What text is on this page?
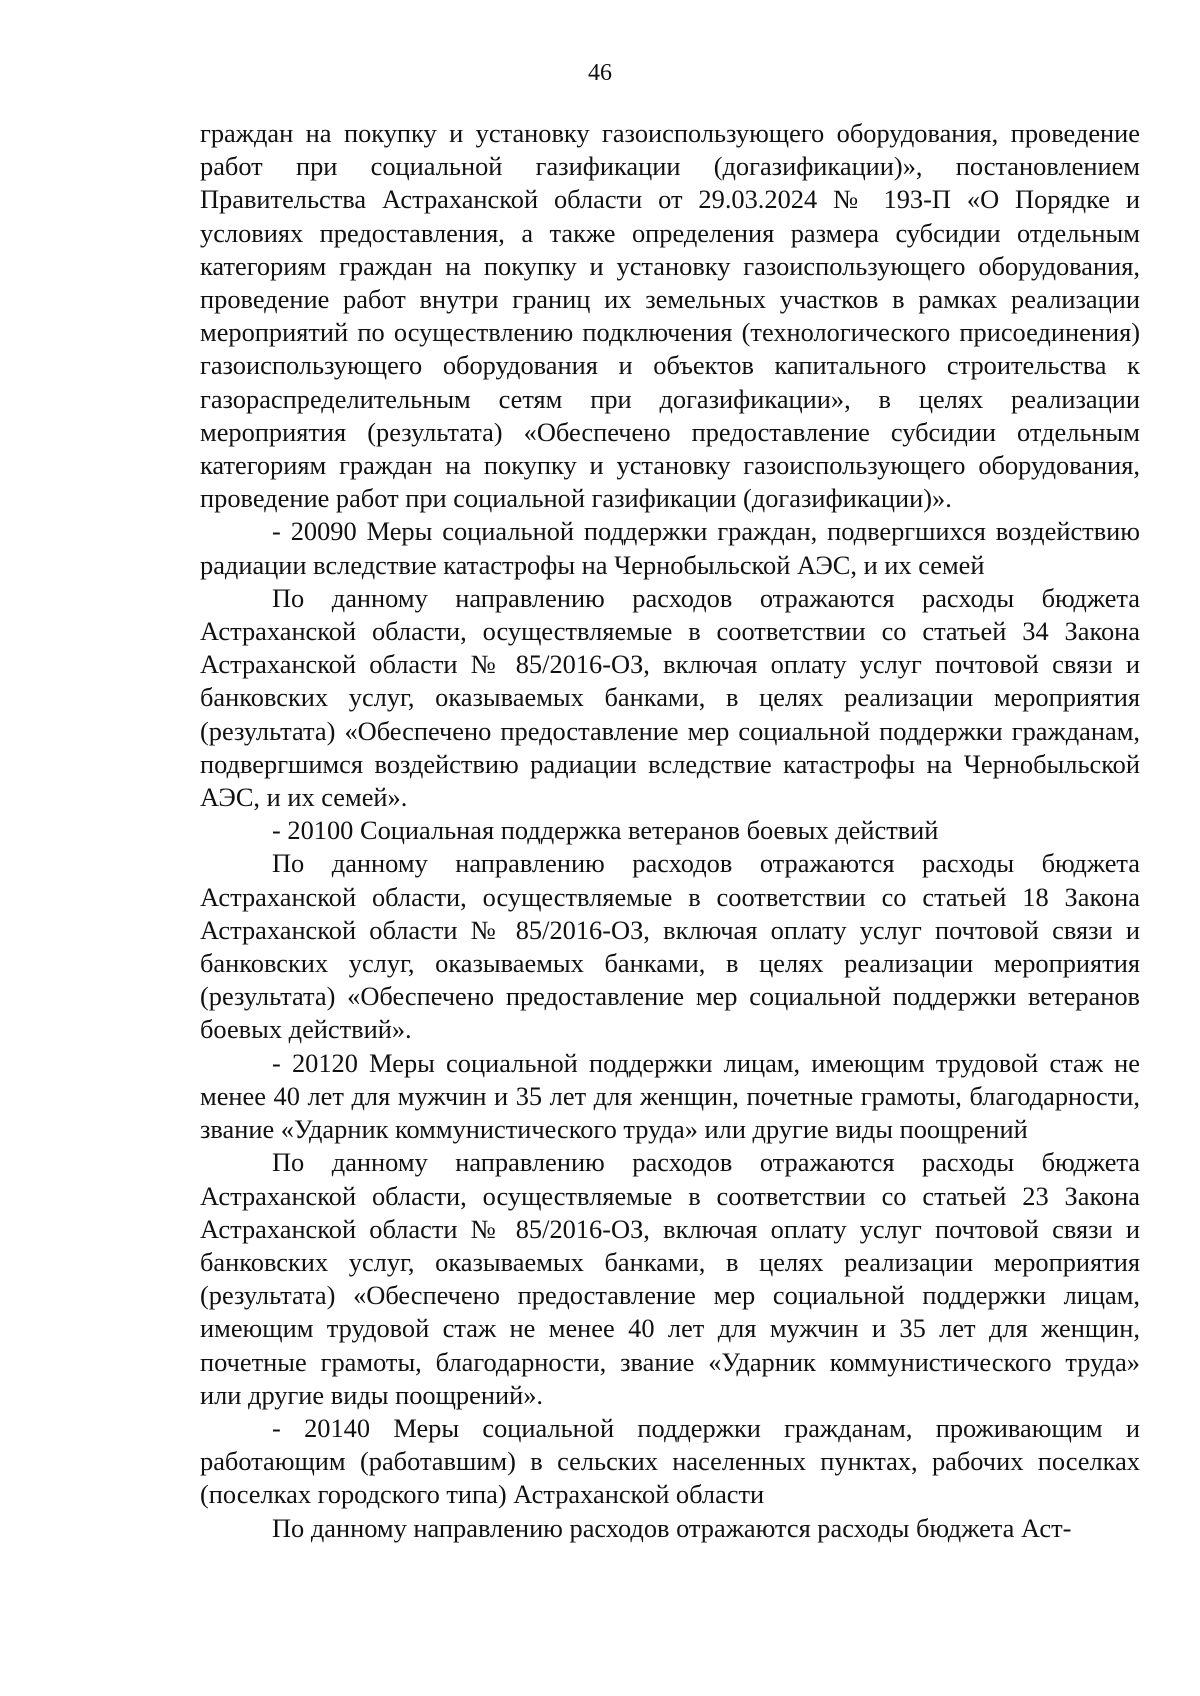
46

граждан на покупку и установку газоиспользующего оборудования, проведение работ при социальной газификации (догазификации)», постановлением Правительства Астраханской области от 29.03.2024 № 193-П «О Порядке и условиях предоставления, а также определения размера субсидии отдельным категориям граждан на покупку и установку газоиспользующего оборудования, проведение работ внутри границ их земельных участков в рамках реализации мероприятий по осуществлению подключения (технологического присоединения) газоиспользующего оборудования и объектов капитального строительства к газораспределительным сетям при догазификации», в целях реализации мероприятия (результата) «Обеспечено предоставление субсидии отдельным категориям граждан на покупку и установку газоиспользующего оборудования, проведение работ при социальной газификации (догазификации)».

- 20090 Меры социальной поддержки граждан, подвергшихся воздействию радиации вследствие катастрофы на Чернобыльской АЭС, и их семей

По данному направлению расходов отражаются расходы бюджета Астраханской области, осуществляемые в соответствии со статьей 34 Закона Астраханской области № 85/2016-ОЗ, включая оплату услуг почтовой связи и банковских услуг, оказываемых банками, в целях реализации мероприятия (результата) «Обеспечено предоставление мер социальной поддержки гражданам, подвергшимся воздействию радиации вследствие катастрофы на Чернобыльской АЭС, и их семей».

- 20100 Социальная поддержка ветеранов боевых действий

По данному направлению расходов отражаются расходы бюджета Астраханской области, осуществляемые в соответствии со статьей 18 Закона Астраханской области № 85/2016-ОЗ, включая оплату услуг почтовой связи и банковских услуг, оказываемых банками, в целях реализации мероприятия (результата) «Обеспечено предоставление мер социальной поддержки ветеранов боевых действий».

- 20120 Меры социальной поддержки лицам, имеющим трудовой стаж не менее 40 лет для мужчин и 35 лет для женщин, почетные грамоты, благодарности, звание «Ударник коммунистического труда» или другие виды поощрений

По данному направлению расходов отражаются расходы бюджета Астраханской области, осуществляемые в соответствии со статьей 23 Закона Астраханской области № 85/2016-ОЗ, включая оплату услуг почтовой связи и банковских услуг, оказываемых банками, в целях реализации мероприятия (результата) «Обеспечено предоставление мер социальной поддержки лицам, имеющим трудовой стаж не менее 40 лет для мужчин и 35 лет для женщин, почетные грамоты, благодарности, звание «Ударник коммунистического труда» или другие виды поощрений».

- 20140 Меры социальной поддержки гражданам, проживающим и работающим (работавшим) в сельских населенных пунктах, рабочих поселках (поселках городского типа) Астраханской области

По данному направлению расходов отражаются расходы бюджета Аст-
